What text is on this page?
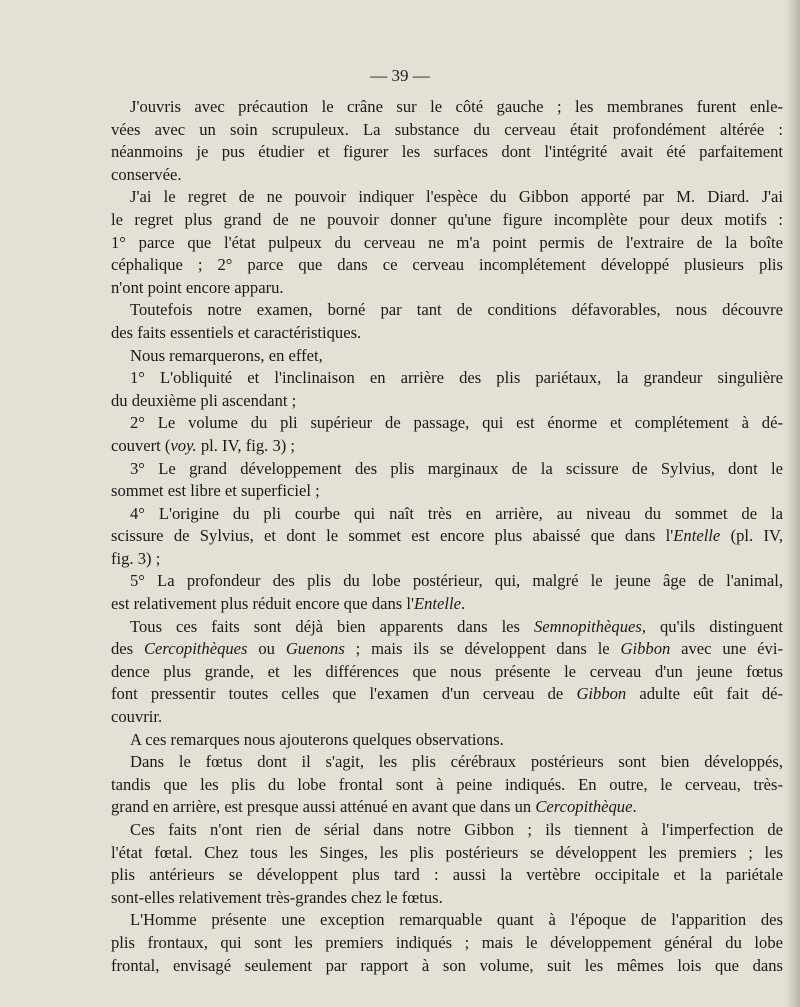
— 39 —
J'ouvris avec précaution le crâne sur le côté gauche ; les membranes furent enle-
vées avec un soin scrupuleux. La substance du cerveau était profondément altérée :
néanmoins je pus étudier et figurer les surfaces dont l'intégrité avait été parfaitement
conservée.
J'ai le regret de ne pouvoir indiquer l'espèce du Gibbon apporté par M. Diard. J'ai
le regret plus grand de ne pouvoir donner qu'une figure incomplète pour deux motifs :
1° parce que l'état pulpeux du cerveau ne m'a point permis de l'extraire de la boîte
céphalique ; 2° parce que dans ce cerveau incomplétement développé plusieurs plis
n'ont point encore apparu.
Toutefois notre examen, borné par tant de conditions défavorables, nous découvre
des faits essentiels et caractéristiques.
Nous remarquerons, en effet,
1° L'obliquité et l'inclinaison en arrière des plis pariétaux, la grandeur singulière
du deuxième pli ascendant ;
2° Le volume du pli supérieur de passage, qui est énorme et complétement à dé-
couvert (voy. pl. IV, fig. 3) ;
3° Le grand développement des plis marginaux de la scissure de Sylvius, dont le
sommet est libre et superficiel ;
4° L'origine du pli courbe qui naît très en arrière, au niveau du sommet de la
scissure de Sylvius, et dont le sommet est encore plus abaissé que dans l'Entelle (pl. IV,
fig. 3) ;
5° La profondeur des plis du lobe postérieur, qui, malgré le jeune âge de l'animal,
est relativement plus réduit encore que dans l'Entelle.
Tous ces faits sont déjà bien apparents dans les Semnopithèques, qu'ils distinguent
des Cercopithèques ou Guenons ; mais ils se développent dans le Gibbon avec une évi-
dence plus grande, et les différences que nous présente le cerveau d'un jeune fœtus
font pressentir toutes celles que l'examen d'un cerveau de Gibbon adulte eût fait dé-
couvrir.
A ces remarques nous ajouterons quelques observations.
Dans le fœtus dont il s'agit, les plis cérébraux postérieurs sont bien développés,
tandis que les plis du lobe frontal sont à peine indiqués. En outre, le cerveau, très-
grand en arrière, est presque aussi atténué en avant que dans un Cercopithèque.
Ces faits n'ont rien de sérial dans notre Gibbon ; ils tiennent à l'imperfection de
l'état fœtal. Chez tous les Singes, les plis postérieurs se développent les premiers ; les
plis antérieurs se développent plus tard : aussi la vertèbre occipitale et la pariétale
sont-elles relativement très-grandes chez le fœtus.
L'Homme présente une exception remarquable quant à l'époque de l'apparition des
plis frontaux, qui sont les premiers indiqués ; mais le développement général du lobe
frontal, envisagé seulement par rapport à son volume, suit les mêmes lois que dans
